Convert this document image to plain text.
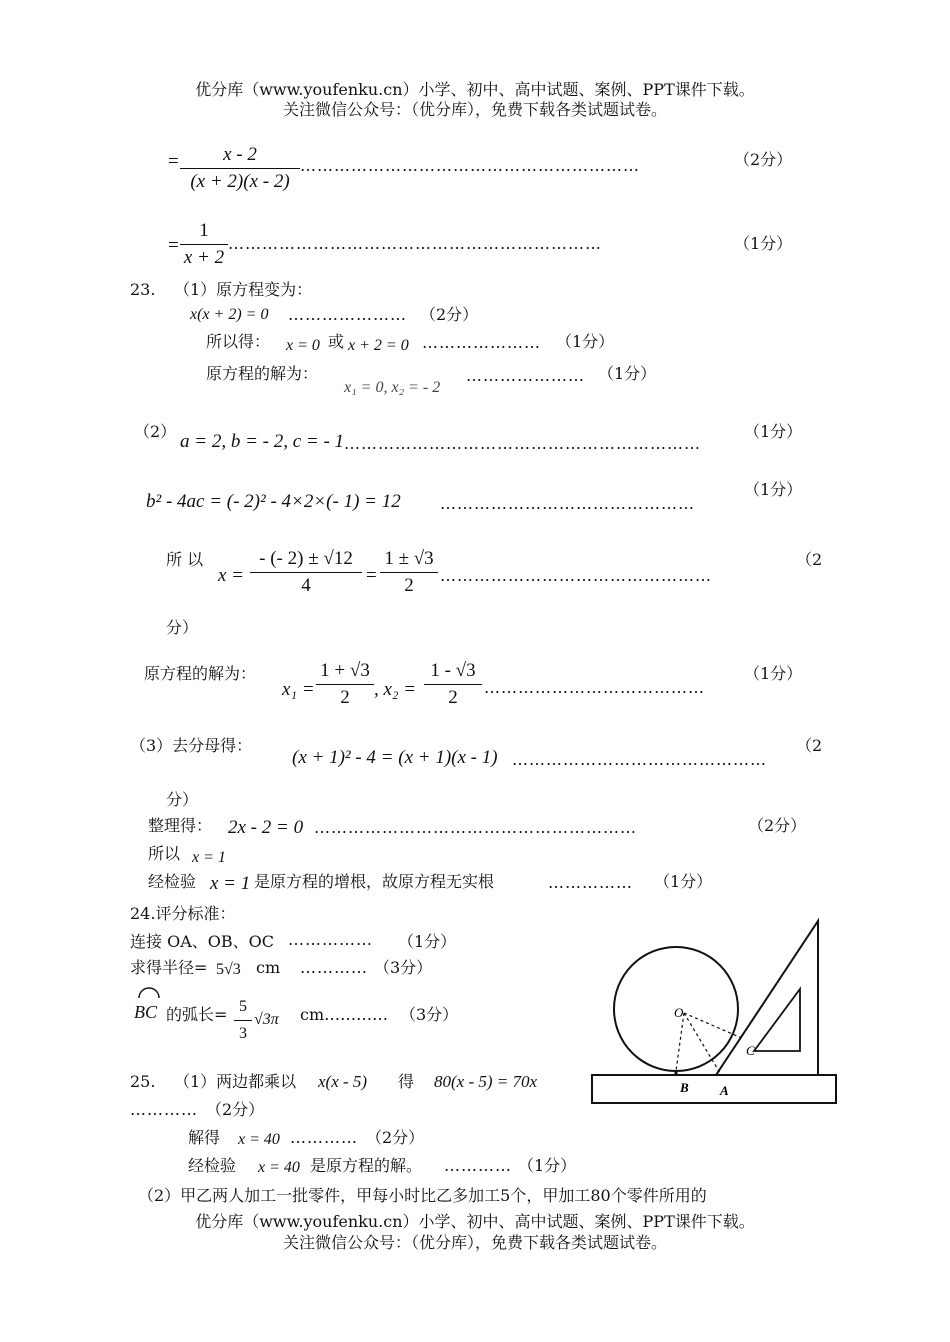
优分库（www.youfenku.cn）小学、初中、高中试题、案例、PPT课件下载。
关注微信公众号：（优分库），免费下载各类试题试卷。
=	x - 2
(x + 2)(x - 2)
……………………………………………………	（2分）
=
1
x + 2
…………………………………………………………	（1分）
23. （1）原方程变为：
x(x + 2) = 0 ………………… （2分）
所以得： x = 0 或 x + 2 = 0 ………………… （1分）
原方程的解为：
x₁ = 0, x₂ = - 2
………………… （1分）
（2） a = 2, b = - 2, c = - 1 ………………………………………………………
（1分）
b² - 4ac = (- 2)² - 4×2×(- 1) = 12 ………………………………………
（1分）
所 以
x =
- (- 2) ± √12
4	=
1 ± √3
2	…………………………………………
（2
分）
原方程的解为：
x₁ =
1 + √3
2	, x₂ =
1 - √3
2	…………………………………
（1分）
（3）去分母得：
(x + 1)² - 4 = (x + 1)(x - 1) ………………………………………
（2
分）
整理得： 2x - 2 = 0 …………………………………………………	（2分）
所以 x = 1
经检验 x = 1 是原方程的增根，故原方程无实根	…………… （1分）
24.评分标准：
连接 OA、OB、OC …………… （1分）
求得半径= 5√3 cm ………… （3分）
BC 的弧长= 5
3
√3π cm………… （3分）	O
C
B A
25. （1）两边都乘以 x(x - 5) 得 80(x - 5) = 70x
………… （2分）
解得 x = 40 ………… （2分）
经检验 x = 40 是原方程的解。 ………… （1分）
（2）甲乙两人加工一批零件，甲每小时比乙多加工5个，甲加工80个零件所用的
优分库（www.youfenku.cn）小学、初中、高中试题、案例、PPT课件下载。
关注微信公众号：（优分库），免费下载各类试题试卷。
